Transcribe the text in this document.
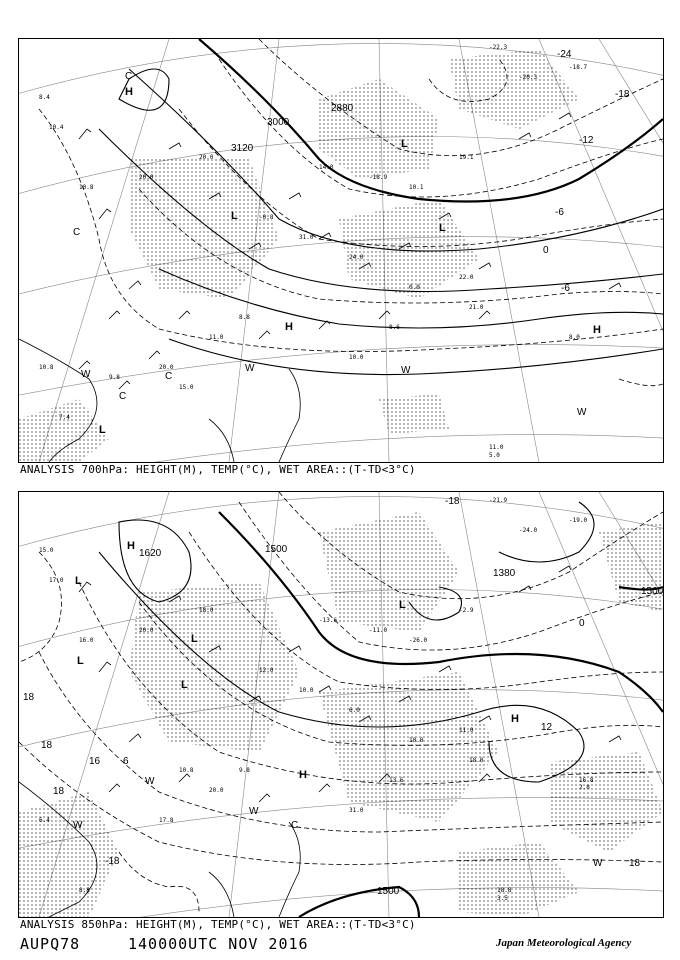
8.4
10.4
10.8
20.0
20.0
-0.8
31.0
24.0
0.0
22.0
21.0
8.6
10.0
11.0
20.0
15.0
8.8
8.0
11.0
5.0
10.8
7.4
9.8
14.0
-18.9
10.1
19.1
-20.3
-22.3
-18.7
3000
3120
2880
-24
-18
-12
-6
0
-6
H
L
L
L
H	H
L
C
C
W
C
C
W	W
W
ANALYSIS 700hPa: HEIGHT(M), TEMP(°C), WET AREA::(T-TD<3°C)
15.0
17.0
16.0
20.0
18.0
12.0
10.0
6.0
10.0
11.0
18.0
13.6
31.0
20.0
17.8
10.8	9.8
16.8
2.8
18.8
3.5
6.4
8.8
-13.6
-11.0
-26.0
-2.9
-24.0
-21.9
-19.0
1500
1620
1380
1500
1500
-18
18
16
18
18
-18
12
18
6
0
H
L
L
L
L
L
H
H
W
W
C
W
W
ANALYSIS 850hPa: HEIGHT(M), TEMP(°C), WET AREA::(T-TD<3°C)
AUPQ78	140000UTC NOV 2016	Japan Meteorological Agency
